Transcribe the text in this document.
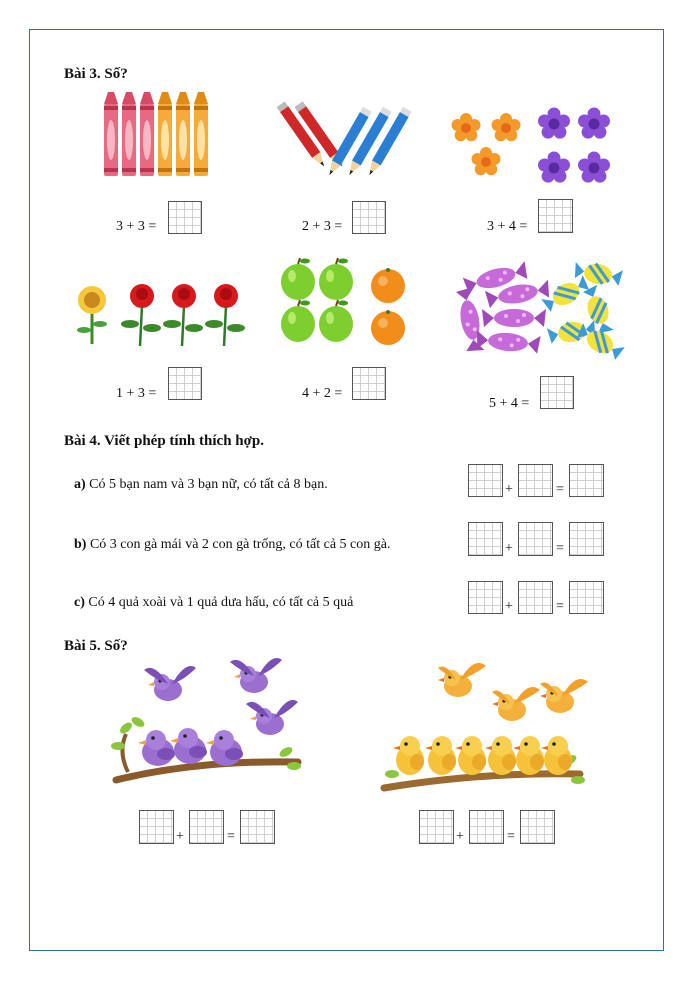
Bài 3. Số?
3 + 3 =	2 + 3 =	3 + 4 =
1 + 3 =	4 + 2 =
5 + 4 =
Bài 4. Viết phép tính thích hợp.
a) Có 5 bạn nam và 3 bạn nữ, có tất cả 8 bạn.	+	=
b) Có 3 con gà mái và 2 con gà trống, có tất cả 5 con gà.	+	=
c) Có 4 quả xoài và 1 quả dưa hấu, có tất cả 5 quả	+	=
Bài 5. Số?
+	=	+	=
